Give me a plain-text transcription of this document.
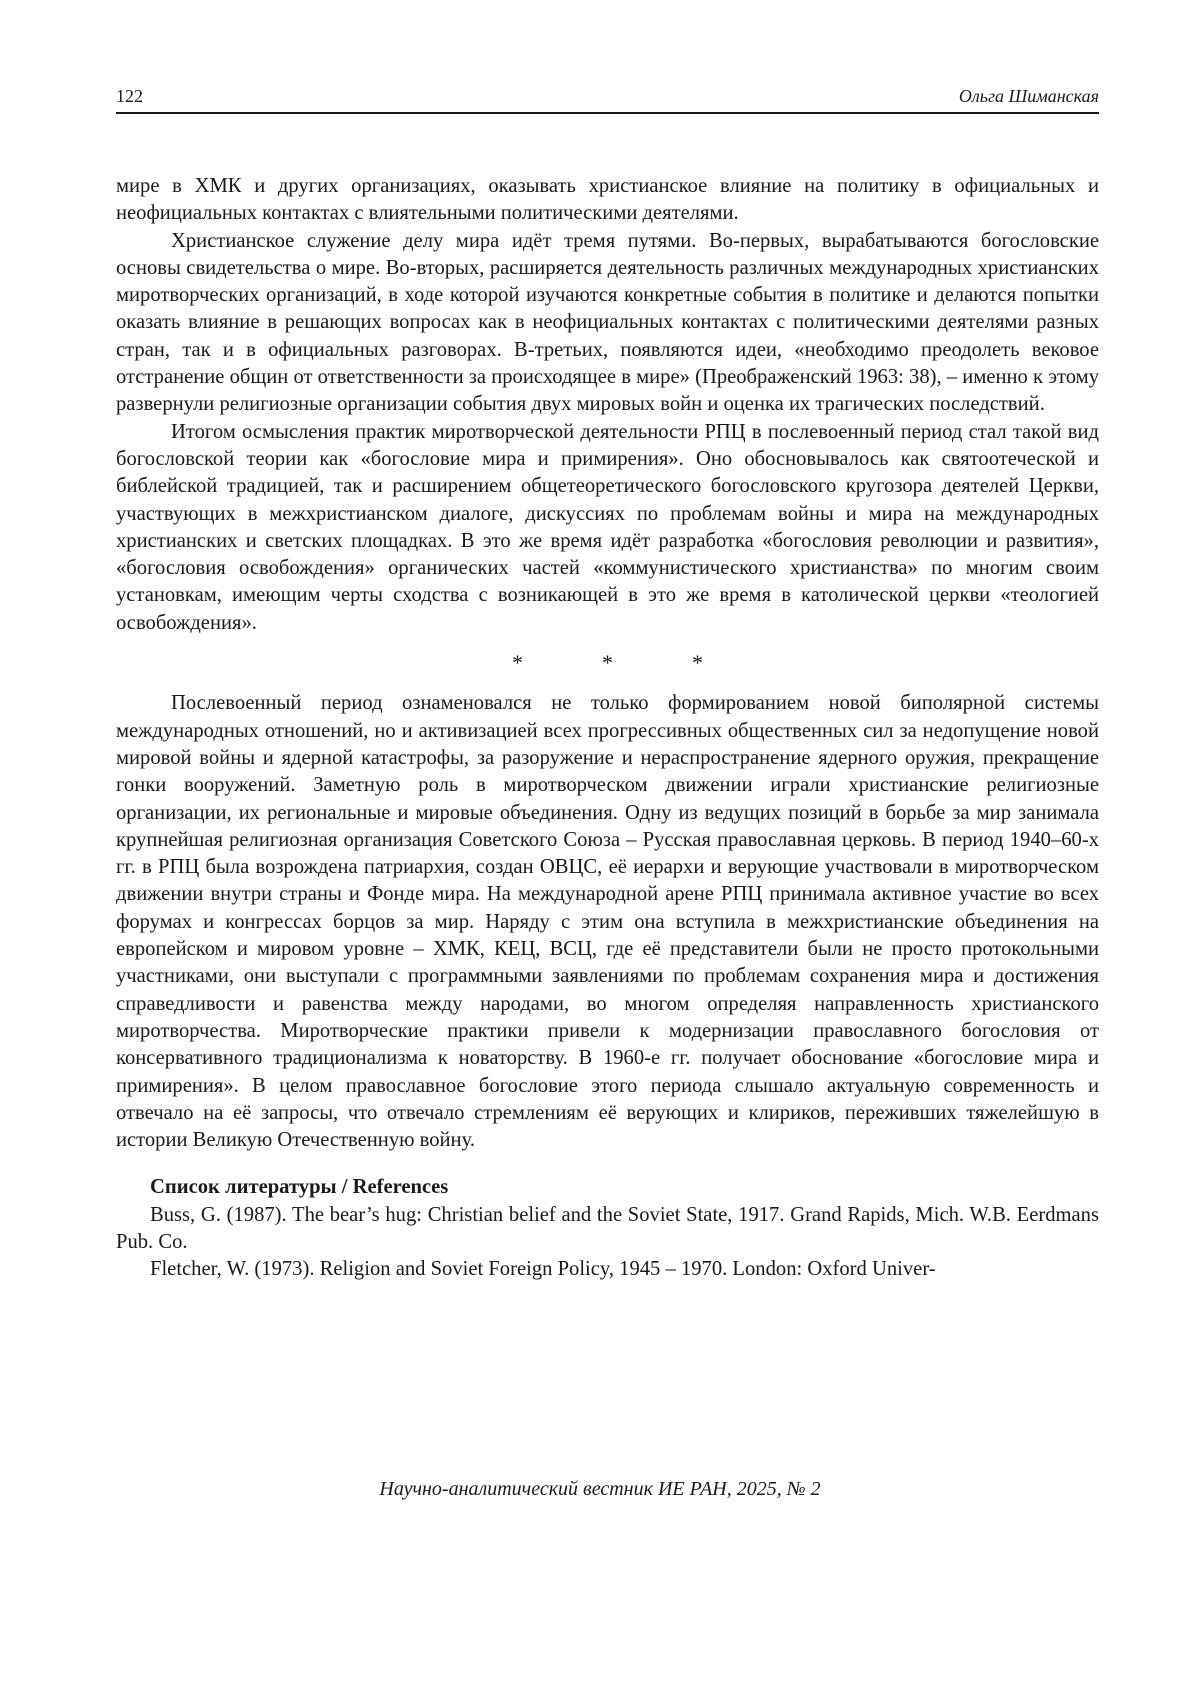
122	Ольга Шиманская

мире в ХМК и других организациях, оказывать христианское влияние на политику в официальных и неофициальных контактах с влиятельными политическими деятелями.

Христианское служение делу мира идёт тремя путями. Во-первых, вырабатываются богословские основы свидетельства о мире. Во-вторых, расширяется деятельность различных международных христианских миротворческих организаций, в ходе которой изучаются конкретные события в политике и делаются попытки оказать влияние в решающих вопросах как в неофициальных контактах с политическими деятелями разных стран, так и в официальных разговорах. В-третьих, появляются идеи, «необходимо преодолеть вековое отстранение общин от ответственности за происходящее в мире» (Преображенский 1963: 38), – именно к этому развернули религиозные организации события двух мировых войн и оценка их трагических последствий.

Итогом осмысления практик миротворческой деятельности РПЦ в послевоенный период стал такой вид богословской теории как «богословие мира и примирения». Оно обосновывалось как святоотеческой и библейской традицией, так и расширением общетеоретического богословского кругозора деятелей Церкви, участвующих в межхристианском диалоге, дискуссиях по проблемам войны и мира на международных христианских и светских площадках. В это же время идёт разработка «богословия революции и развития», «богословия освобождения» органических частей «коммунистического христианства» по многим своим установкам, имеющим черты сходства с возникающей в это же время в католической церкви «теологией освобождения».

*	*	*

Послевоенный период ознаменовался не только формированием новой биполярной системы международных отношений, но и активизацией всех прогрессивных общественных сил за недопущение новой мировой войны и ядерной катастрофы, за разоружение и нераспространение ядерного оружия, прекращение гонки вооружений. Заметную роль в миротворческом движении играли христианские религиозные организации, их региональные и мировые объединения. Одну из ведущих позиций в борьбе за мир занимала крупнейшая религиозная организация Советского Союза – Русская православная церковь. В период 1940–60-х гг. в РПЦ была возрождена патриархия, создан ОВЦС, её иерархи и верующие участвовали в миротворческом движении внутри страны и Фонде мира. На международной арене РПЦ принимала активное участие во всех форумах и конгрессах борцов за мир. Наряду с этим она вступила в межхристианские объединения на европейском и мировом уровне – ХМК, КЕЦ, ВСЦ, где её представители были не просто протокольными участниками, они выступали с программными заявлениями по проблемам сохранения мира и достижения справедливости и равенства между народами, во многом определяя направленность христианского миротворчества. Миротворческие практики привели к модернизации православного богословия от консервативного традиционализма к новаторству. В 1960-е гг. получает обоснование «богословие мира и примирения». В целом православное богословие этого периода слышало актуальную современность и отвечало на её запросы, что отвечало стремлениям её верующих и клириков, переживших тяжелейшую в истории Великую Отечественную войну.

Список литературы / References

Buss, G. (1987). The bear’s hug: Christian belief and the Soviet State, 1917. Grand Rapids, Mich. W.B. Eerdmans Pub. Co.

Fletcher, W. (1973). Religion and Soviet Foreign Policy, 1945 – 1970. London: Oxford Univer-

Научно-аналитический вестник ИЕ РАН, 2025, № 2
